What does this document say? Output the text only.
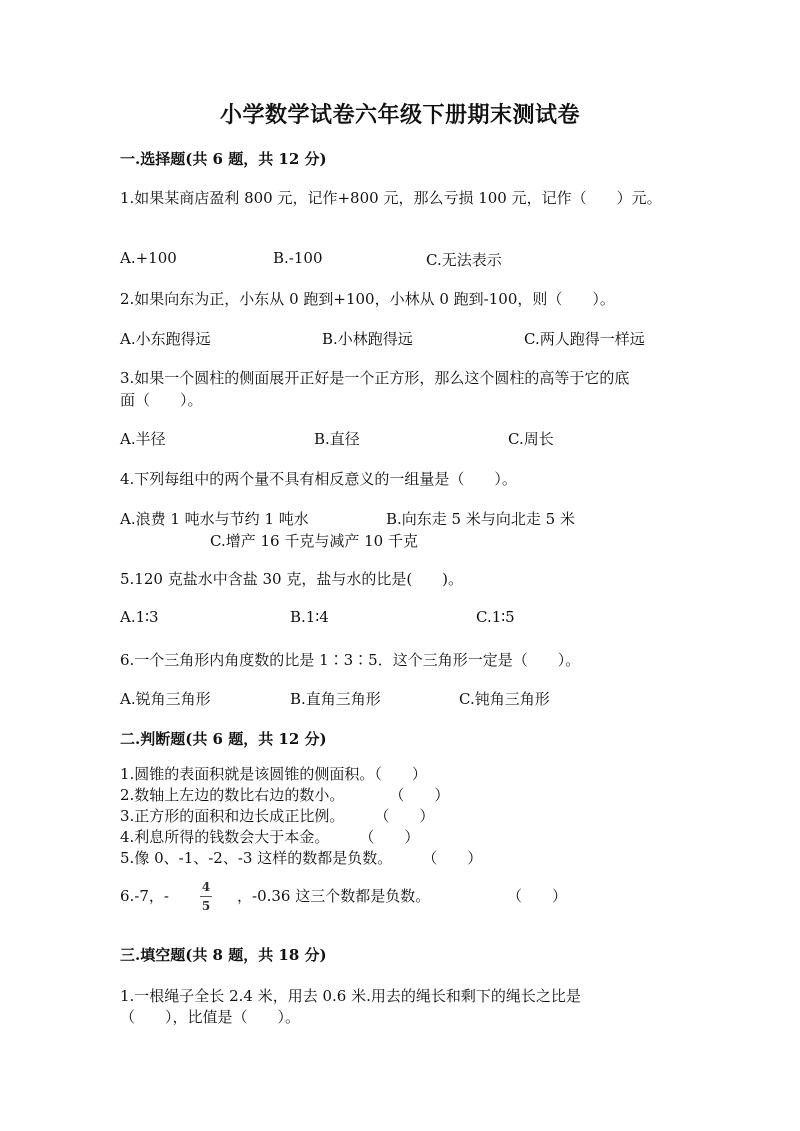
小学数学试卷六年级下册期末测试卷
一.选择题(共 6 题，共 12 分)
1.如果某商店盈利 800 元，记作+800 元，那么亏损 100 元，记作（　　）元。
A.+100	B.-100	C.无法表示
2.如果向东为正，小东从 0 跑到+100，小林从 0 跑到-100，则（　　）。
A.小东跑得远	B.小林跑得远	C.两人跑得一样远
3.如果一个圆柱的侧面展开正好是一个正方形，那么这个圆柱的高等于它的底
面（　　）。
A.半径	B.直径	C.周长
4.下列每组中的两个量不具有相反意义的一组量是（　　）。
A.浪费 1 吨水与节约 1 吨水	B.向东走 5 米与向北走 5 米
C.增产 16 千克与减产 10 千克
5.120 克盐水中含盐 30 克，盐与水的比是(　　)。
A.1∶3	B.1∶4	C.1∶5
6.一个三角形内角度数的比是 1∶3∶5．这个三角形一定是（　　）。
A.锐角三角形	B.直角三角形	C.钝角三角形
二.判断题(共 6 题，共 12 分)
1.圆锥的表面积就是该圆锥的侧面积。（　　）
2.数轴上左边的数比右边的数小。　　　　（　　）
3.正方形的面积和边长成正比例。　　　（　　）
4.利息所得的钱数会大于本金。　　　（　　）
5.像 0、-1、-2、-3 这样的数都是负数。　　　（　　）
6.-7，-	4
5
，-0.36 这三个数都是负数。	（　　）
三.填空题(共 8 题，共 18 分)
1.一根绳子全长 2.4 米，用去 0.6 米.用去的绳长和剩下的绳长之比是
（　　），比值是（　　）。
